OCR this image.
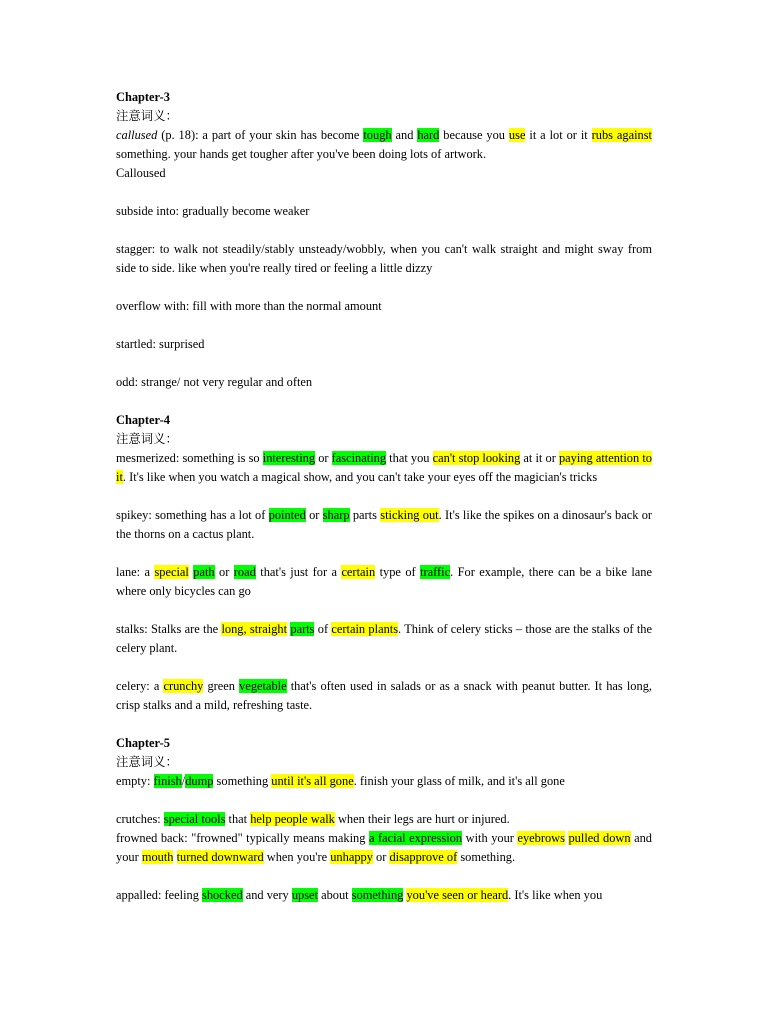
Chapter-3

注意词义：

callused (p. 18): a part of your skin has become tough and hard because you use it a lot or it rubs against something. your hands get tougher after you've been doing lots of artwork.

Calloused

subside into: gradually become weaker

stagger: to walk not steadily/stably unsteady/wobbly, when you can't walk straight and might sway from side to side. like when you're really tired or feeling a little dizzy

overflow with: fill with more than the normal amount

startled: surprised

odd: strange/ not very regular and often

Chapter-4

注意词义：

mesmerized: something is so interesting or fascinating that you can't stop looking at it or paying attention to it. It's like when you watch a magical show, and you can't take your eyes off the magician's tricks

spikey: something has a lot of pointed or sharp parts sticking out. It's like the spikes on a dinosaur's back or the thorns on a cactus plant.

lane: a special path or road that's just for a certain type of traffic. For example, there can be a bike lane where only bicycles can go

stalks: Stalks are the long, straight parts of certain plants. Think of celery sticks – those are the stalks of the celery plant.

celery: a crunchy green vegetable that's often used in salads or as a snack with peanut butter. It has long, crisp stalks and a mild, refreshing taste.

Chapter-5

注意词义：

empty: finish/dump something until it's all gone. finish your glass of milk, and it's all gone

crutches: special tools that help people walk when their legs are hurt or injured.

frowned back: "frowned" typically means making a facial expression with your eyebrows pulled down and your mouth turned downward when you're unhappy or disapprove of something.

appalled: feeling shocked and very upset about something you've seen or heard. It's like when you
